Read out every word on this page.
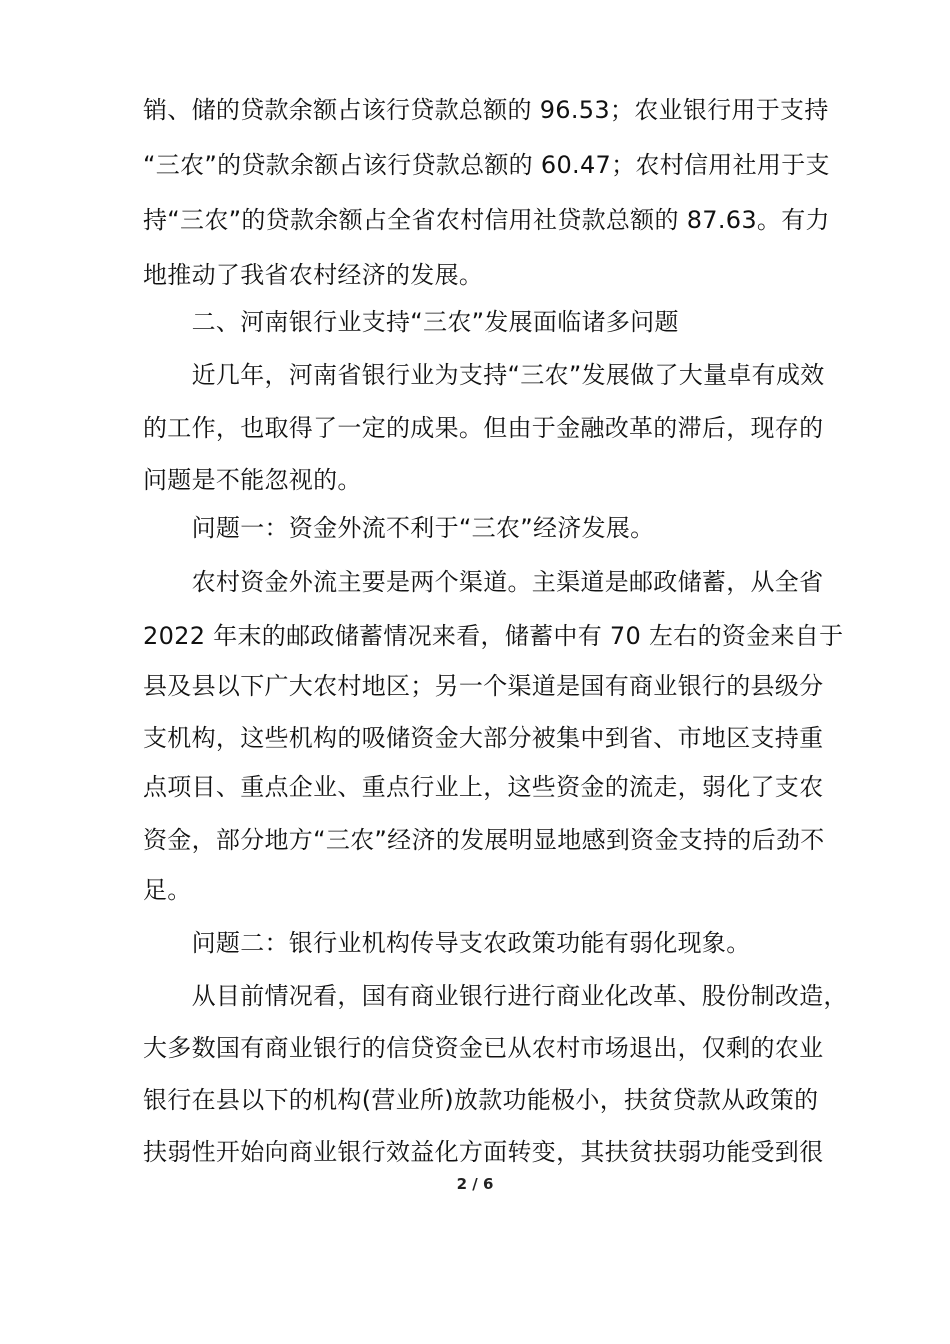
销、储的贷款余额占该行贷款总额的 96.53；农业银行用于支持
“三农”的贷款余额占该行贷款总额的 60.47；农村信用社用于支
持“三农”的贷款余额占全省农村信用社贷款总额的 87.63。有力
地推动了我省农村经济的发展。
　　二、河南银行业支持“三农”发展面临诸多问题
　　近几年，河南省银行业为支持“三农”发展做了大量卓有成效
的工作，也取得了一定的成果。但由于金融改革的滞后，现存的
问题是不能忽视的。
　　问题一：资金外流不利于“三农”经济发展。
　　农村资金外流主要是两个渠道。主渠道是邮政储蓄，从全省
2022 年末的邮政储蓄情况来看，储蓄中有 70 左右的资金来自于
县及县以下广大农村地区；另一个渠道是国有商业银行的县级分
支机构，这些机构的吸储资金大部分被集中到省、市地区支持重
点项目、重点企业、重点行业上，这些资金的流走，弱化了支农
资金，部分地方“三农”经济的发展明显地感到资金支持的后劲不
足。
　　问题二：银行业机构传导支农政策功能有弱化现象。
　　从目前情况看，国有商业银行进行商业化改革、股份制改造，
大多数国有商业银行的信贷资金已从农村市场退出，仅剩的农业
银行在县以下的机构(营业所)放款功能极小，扶贫贷款从政策的
扶弱性开始向商业银行效益化方面转变，其扶贫扶弱功能受到很
2 / 6
